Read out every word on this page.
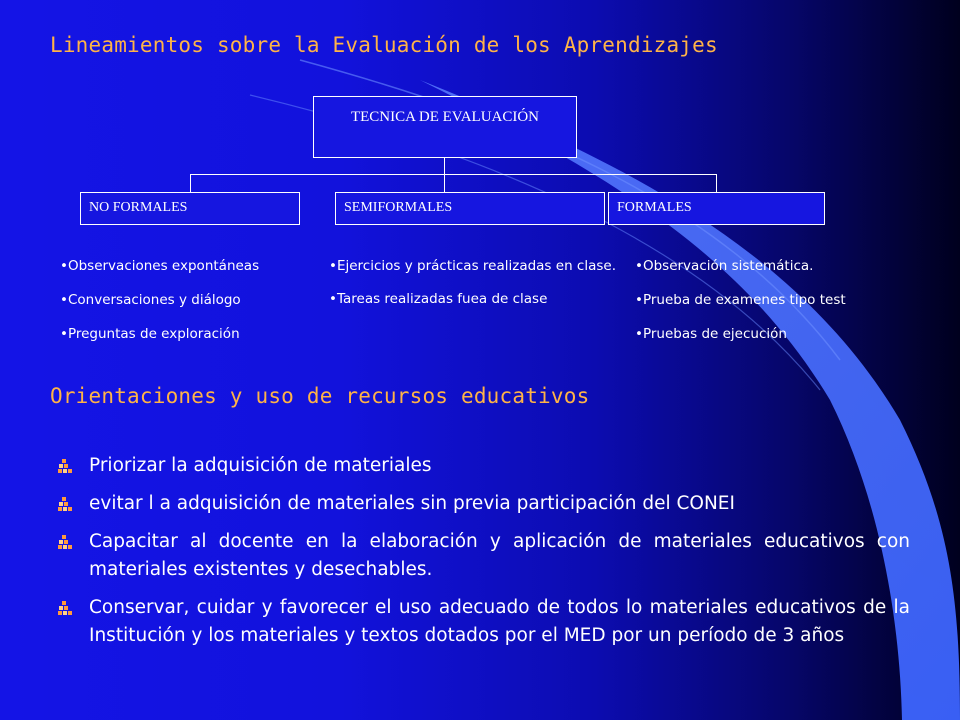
Lineamientos sobre la Evaluación de los Aprendizajes
TECNICA DE EVALUACIÓN
NO FORMALES	SEMIFORMALES	FORMALES
• Observaciones expontáneas
• Conversaciones y diálogo
• Preguntas de exploración
• Ejercicios y prácticas realizadas en clase.
• Tareas realizadas fuea de clase
• Observación sistemática.
• Prueba de examenes tipo test
• Pruebas de ejecución
Orientaciones y uso de recursos educativos
Priorizar la adquisición de materiales
evitar l a adquisición de materiales sin previa participación del CONEI
Capacitar al docente en la elaboración y aplicación de materiales educativos con materiales existentes y desechables.
Conservar, cuidar y favorecer el uso adecuado de todos lo materiales educativos de la Institución y los materiales y textos dotados por el MED por un período de 3 años
